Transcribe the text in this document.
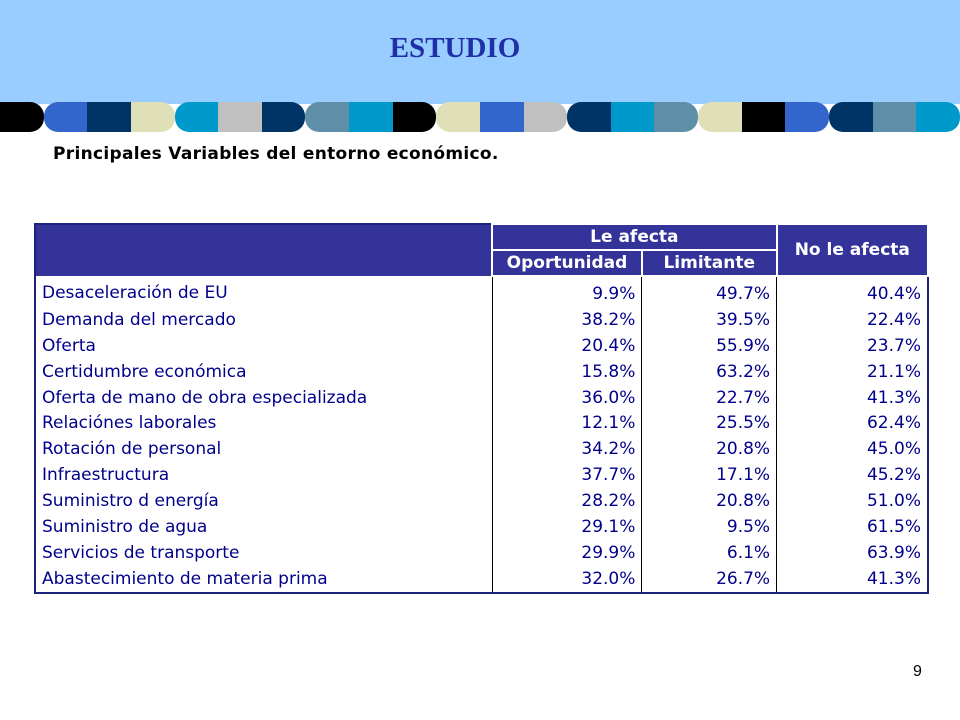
ESTUDIO

Principales Variables del entorno económico.

	Le afecta		No le afecta
	Oportunidad	Limitante	
Desaceleración de EU	9.9%	49.7%	40.4%
Demanda del mercado	38.2%	39.5%	22.4%
Oferta	20.4%	55.9%	23.7%
Certidumbre económica	15.8%	63.2%	21.1%
Oferta de mano de obra especializada	36.0%	22.7%	41.3%
Relaciónes laborales	12.1%	25.5%	62.4%
Rotación de personal	34.2%	20.8%	45.0%
Infraestructura	37.7%	17.1%	45.2%
Suministro d energía	28.2%	20.8%	51.0%
Suministro de agua	29.1%	9.5%	61.5%
Servicios de transporte	29.9%	6.1%	63.9%
Abastecimiento de materia prima	32.0%	26.7%	41.3%
9
